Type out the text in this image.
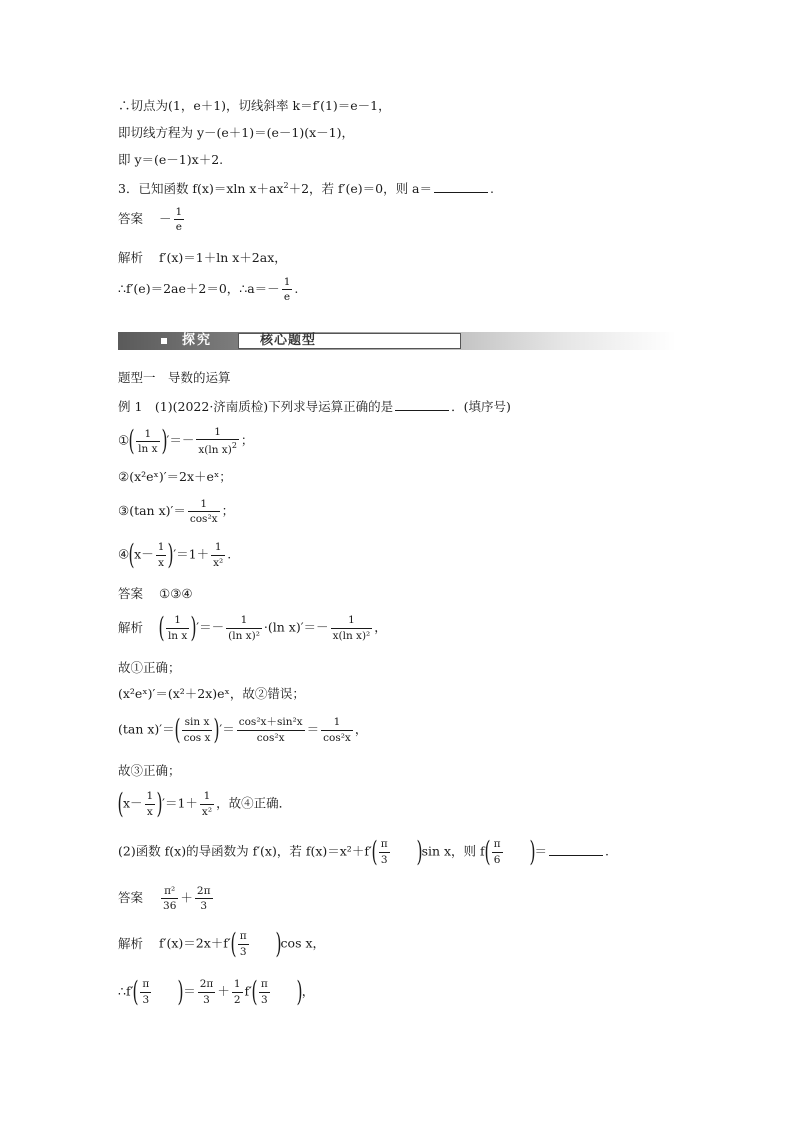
∴切点为(1，e＋1)，切线斜率 k＝f′(1)＝e－1，
即切线方程为 y－(e＋1)＝(e－1)(x－1)，
即 y＝(e－1)x＋2.
3．已知函数 f(x)＝xln $x+ax^2+2$，若 f′(e)＝0，则 a＝	.
答案 － $\frac{1}{e}$
解析 f′(x)＝1＋ln x＋2ax，
∴f′(e)＝2ae＋2＝0，∴a＝－ $\frac{1}{e}$ .
探究	核心题型
题型一　导数的运算
例 1　(1)(2022·济南质检)下列求导运算正确的是	．(填序号)
①( $\frac{1}{\text{ln x}}$ )′＝－ $\frac{1}{x(\ln x)^2}$ ；
②(x²eˣ)′＝2x＋eˣ；
③(tan $x)'= \frac{1}{\text{cos²x}}$ ；
④(x－ $\frac{1}{x} )'=1+ \frac{1}{\text{x²}}$ .
答案 ①③④
解析 ( $\frac{1}{\text{ln x}}$ )′＝－ $\frac{1}{\text{(ln x)²}} \cdot(\ln$ $x)'=- \frac{1}{\text{x(ln x)²}}$ ，
故①正确；
(x²eˣ)′＝(x²＋2x)eˣ，故②错误；
(tan $x)'=( \frac{\text{sin x}}{\text{cos x}}$ )′＝ $\frac{\text{cos²x＋sin²x}}{\text{cos²x}} = \frac{1}{\text{cos²x}}$ ，
故③正确；
$(x- \frac{1}{x} )'=1+ \frac{1}{\text{x²}}$ ，故④正确．
(2)函数 f(x)的导函数为 f′(x)，若 $f(x)=x^2+f'( \frac{\pi}{3} )\sin$ x，则 $f( \frac{\pi}{6}$ )＝	.
答案 $\frac{\text{π²}}{36} + \frac{2\pi}{3}$
解析 $f'(x)=2x+f'( \frac{\pi}{3} )\cos$ x，
∴f′( $\frac{\pi}{3}$ )＝ $\frac{2\pi}{3} + \frac{1}{2} f'( \frac{\pi}{3}$ )，
